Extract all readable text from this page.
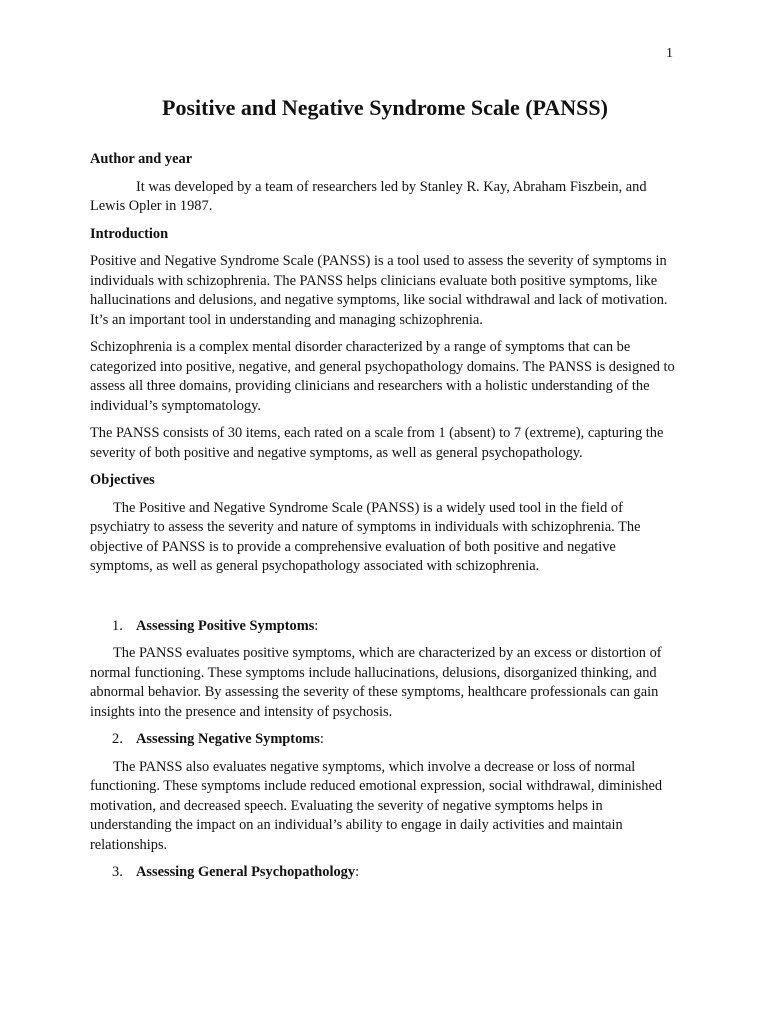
1
Positive and Negative Syndrome Scale (PANSS)
Author and year

It was developed by a team of researchers led by Stanley R. Kay, Abraham Fiszbein, and Lewis Opler in 1987.

Introduction

Positive and Negative Syndrome Scale (PANSS) is a tool used to assess the severity of symptoms in individuals with schizophrenia. The PANSS helps clinicians evaluate both positive symptoms, like hallucinations and delusions, and negative symptoms, like social withdrawal and lack of motivation. It’s an important tool in understanding and managing schizophrenia.

Schizophrenia is a complex mental disorder characterized by a range of symptoms that can be categorized into positive, negative, and general psychopathology domains. The PANSS is designed to assess all three domains, providing clinicians and researchers with a holistic understanding of the individual’s symptomatology.

The PANSS consists of 30 items, each rated on a scale from 1 (absent) to 7 (extreme), capturing the severity of both positive and negative symptoms, as well as general psychopathology.

Objectives

The Positive and Negative Syndrome Scale (PANSS) is a widely used tool in the field of psychiatry to assess the severity and nature of symptoms in individuals with schizophrenia. The objective of PANSS is to provide a comprehensive evaluation of both positive and negative symptoms, as well as general psychopathology associated with schizophrenia.

1. Assessing Positive Symptoms:

The PANSS evaluates positive symptoms, which are characterized by an excess or distortion of normal functioning. These symptoms include hallucinations, delusions, disorganized thinking, and abnormal behavior. By assessing the severity of these symptoms, healthcare professionals can gain insights into the presence and intensity of psychosis.

2. Assessing Negative Symptoms:

The PANSS also evaluates negative symptoms, which involve a decrease or loss of normal functioning. These symptoms include reduced emotional expression, social withdrawal, diminished motivation, and decreased speech. Evaluating the severity of negative symptoms helps in understanding the impact on an individual’s ability to engage in daily activities and maintain relationships.

3. Assessing General Psychopathology:
